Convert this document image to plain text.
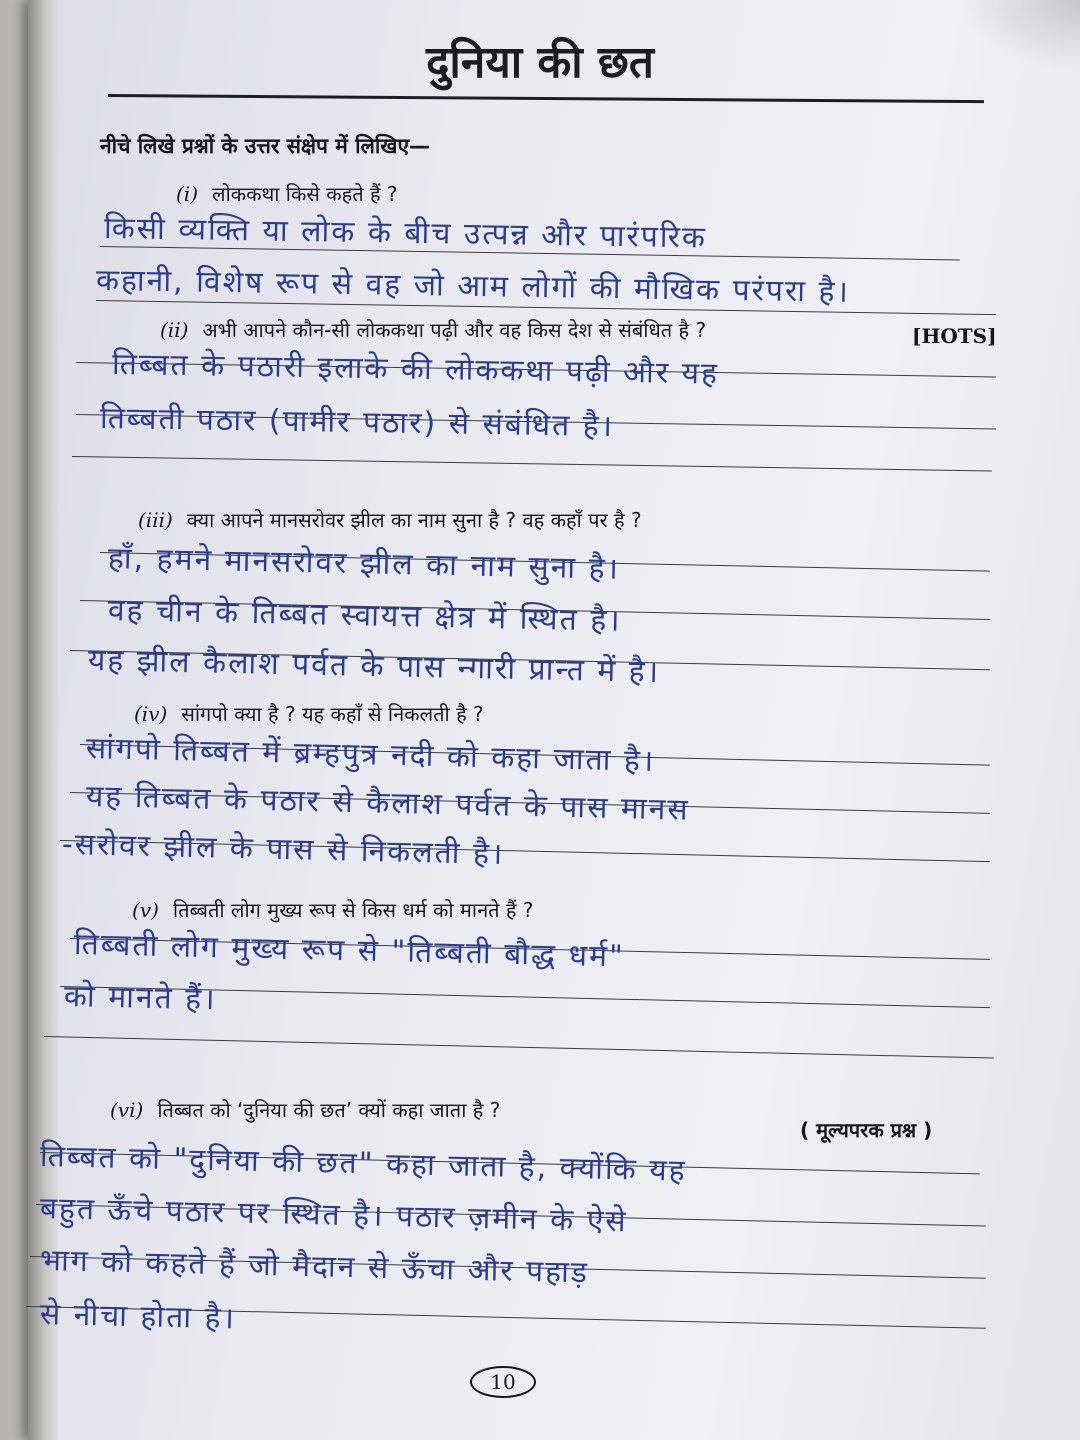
दुनिया की छत
नीचे लिखे प्रश्नों के उत्तर संक्षेप में लिखिए—
(i) लोककथा किसे कहते हैं ?
किसी व्यक्ति या लोक के बीच उत्पन्न और पारंपरिक
कहानी, विशेष रूप से वह जो आम लोगों की मौखिक परंपरा है।
(ii) अभी आपने कौन-सी लोककथा पढ़ी और वह किस देश से संबंधित है ?	[HOTS]
तिब्बत के पठारी इलाके की लोककथा पढ़ी और यह
तिब्बती पठार (पामीर पठार) से संबंधित है।
(iii) क्या आपने मानसरोवर झील का नाम सुना है ? वह कहाँ पर है ?
हाँ, हमने मानसरोवर झील का नाम सुना है।
वह चीन के तिब्बत स्वायत्त क्षेत्र में स्थित है।
यह झील कैलाश पर्वत के पास न्गारी प्रान्त में है।
(iv) सांगपो क्या है ? यह कहाँ से निकलती है ?
सांगपो तिब्बत में ब्रम्हपुत्र नदी को कहा जाता है।
यह तिब्बत के पठार से कैलाश पर्वत के पास मानस
-सरोवर झील के पास से निकलती है।
(v) तिब्बती लोग मुख्य रूप से किस धर्म को मानते हैं ?
तिब्बती लोग मुख्य रूप से "तिब्बती बौद्ध धर्म"
को मानते हैं।
(vi) तिब्बत को ‘दुनिया की छत’ क्यों कहा जाता है ?
( मूल्यपरक प्रश्न )
तिब्बत को "दुनिया की छत" कहा जाता है, क्योंकि यह
बहुत ऊँचे पठार पर स्थित है। पठार ज़मीन के ऐसे
भाग को कहते हैं जो मैदान से ऊँचा और पहाड़
से नीचा होता है।
10
